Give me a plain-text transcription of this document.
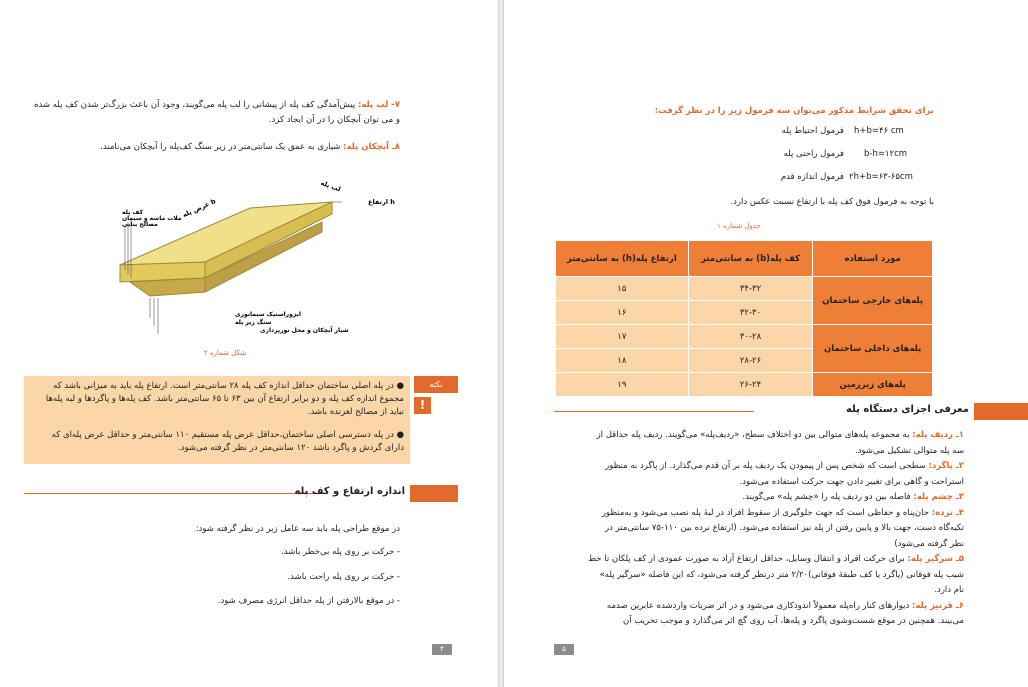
۷- لب پله: پیش‌آمدگی کف پله از پیشانی را لب پله می‌گویند، وجود آن باعث بزرگ‌تر شدن کف پله شده
و می توان آبچکان را در آن ایجاد کرد.
۸ـ آبچکان پله: شیاری به عمق یک سانتی‌متر در زیر سنگ کف‌پله را آبچکان می‌نامند.
کف پله
ملات ماسه و سیمان
مصالح بنایی
b عرض پله
لب پله
h ارتفاع
ایزوراستیک سیمانوری
سنگ زیر پله
شیار آبچکان و محل نورپردازی
شکل شماره ۲
● در پله اصلی ساختمان حداقل اندازه کف پله ۲۸ سانتی‌متر است. ارتفاع پله باید به میزانی باشد که
مجموع اندازه کف پله و دو برابر ارتفاع آن بین ۶۳ تا ۶۵ سانتی‌متر باشد. کف پله‌ها و پاگردها و لبه پله‌ها
نباید از مصالح لغزنده باشد.
● در پله دسترسی اصلی ساختمان،حداقل عرض پله مستقیم ۱۱۰ سانتی‌متر و حداقل عرض پله‌ای که
دارای گردش و پاگرد باشد ۱۲۰ سانتی‌متر در نظر گرفته می‌شود.
نکته
!
اندازه ارتفاع و کف پله
در موقع طراحی پله باید سه عامل زیر در نظر گرفته شود:
- حرکت بر روی پله بی‌خطر باشد.
- حرکت بر روی پله راحت باشد.
- در موقع بالارفتن از پله حداقل انرژی مصرف شود.
۴
برای تحقق شرایط مذکور می‌توان سه فرمول زیر را در نظر گرفت:
فرمول احتیاط پله h+b=۴۶ cm
فرمول راحتی پله b-h=۱۲cm
فرمول اندازه قدم ۲h+b=۶۳-۶۵cm
با توجه به فرمول فوق کف پله با ارتفاع نسبت عکس دارد.
جدول شماره ۱
مورد استفاده	کف پله(b) به سانتی‌متر	ارتفاع پله(h) به سانتی‌متر
پله‌های خارجی ساختمان	۳۴-۳۲	۱۵
	۳۲-۳۰	۱۶
پله‌های داخلی ساختمان	۳۰-۲۸	۱۷
	۲۸-۲۶	۱۸
پله‌های زیرزمین	۲۶-۲۴	۱۹
معرفی اجزای دستگاه پله
۱ـ ردیف پله: به مجموعه پله‌های متوالی بین دو اختلاف سطح، «ردیف‌پله» می‌گویند. ردیف پله حداقل از
سه پله متوالی تشکیل می‌شود.
۲ـ پاگرد: سطحی است که شخص پس از پیمودن یک ردیف پله بر آن قدم می‌گذارد. از پاگرد به منظور
استراحت و گاهی برای تغییر دادن جهت حرکت استفاده می‌شود.
۳ـ چشم پله: فاصله بین دو ردیف پله را «چشم پله» می‌گویند.
۴ـ نرده: جان‌پناه و حفاظی است که جهت جلوگیری از سقوط افراد در لبهٔ پله نصب می‌شود و به‌منظور
تکیه‌گاه دست، جهت بالا و پایین رفتن از پله نیز استفاده می‌شود. (ارتفاع نرده بین ۱۱۰-۷۵ سانتی‌متر در
نظر گرفته می‌شود)
۵ـ سرگیر پله: برای حرکت افراد و انتقال وسایل، حداقل ارتفاع آزاد به صورت عمودی از کف پلکان تا خط
شیب پله فوقانی (پاگرد یا کف طبقهٔ فوقانی)۲/۲۰ متر درنظر گرفته می‌شود، که این فاصله «سرگیر پله»
نام دارد.
۶ـ قرنیز پله: دیوارهای کنار راه‌پله معمولاً اندودکاری می‌شود و در اثر ضربات واردشده عابرین صدمه
می‌بیند. همچنین در موقع شست‌وشوی پاگرد و پله‌ها، آب روی گچ اثر می‌گذارد و موجب تخریب آن
۵
